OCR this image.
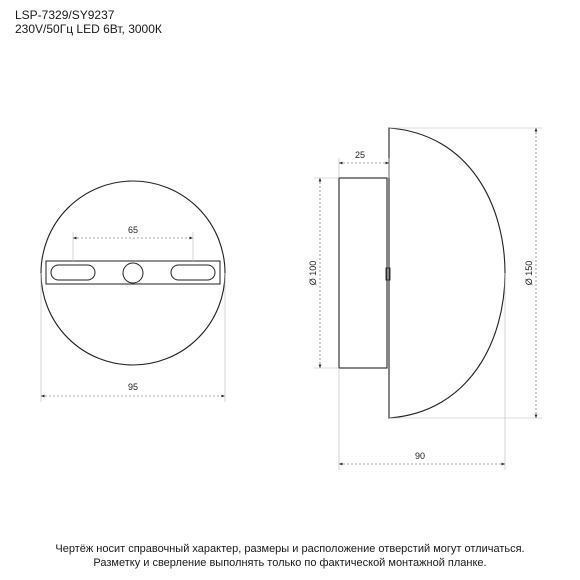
LSP-7329/SY9237
230V/50Гц LED 6Вт, 3000К
65
95
25
Ø 100	Ø 150
90
Чертёж носит справочный характер, размеры и расположение отверстий могут отличаться.
Разметку и сверление выполнять только по фактической монтажной планке.
